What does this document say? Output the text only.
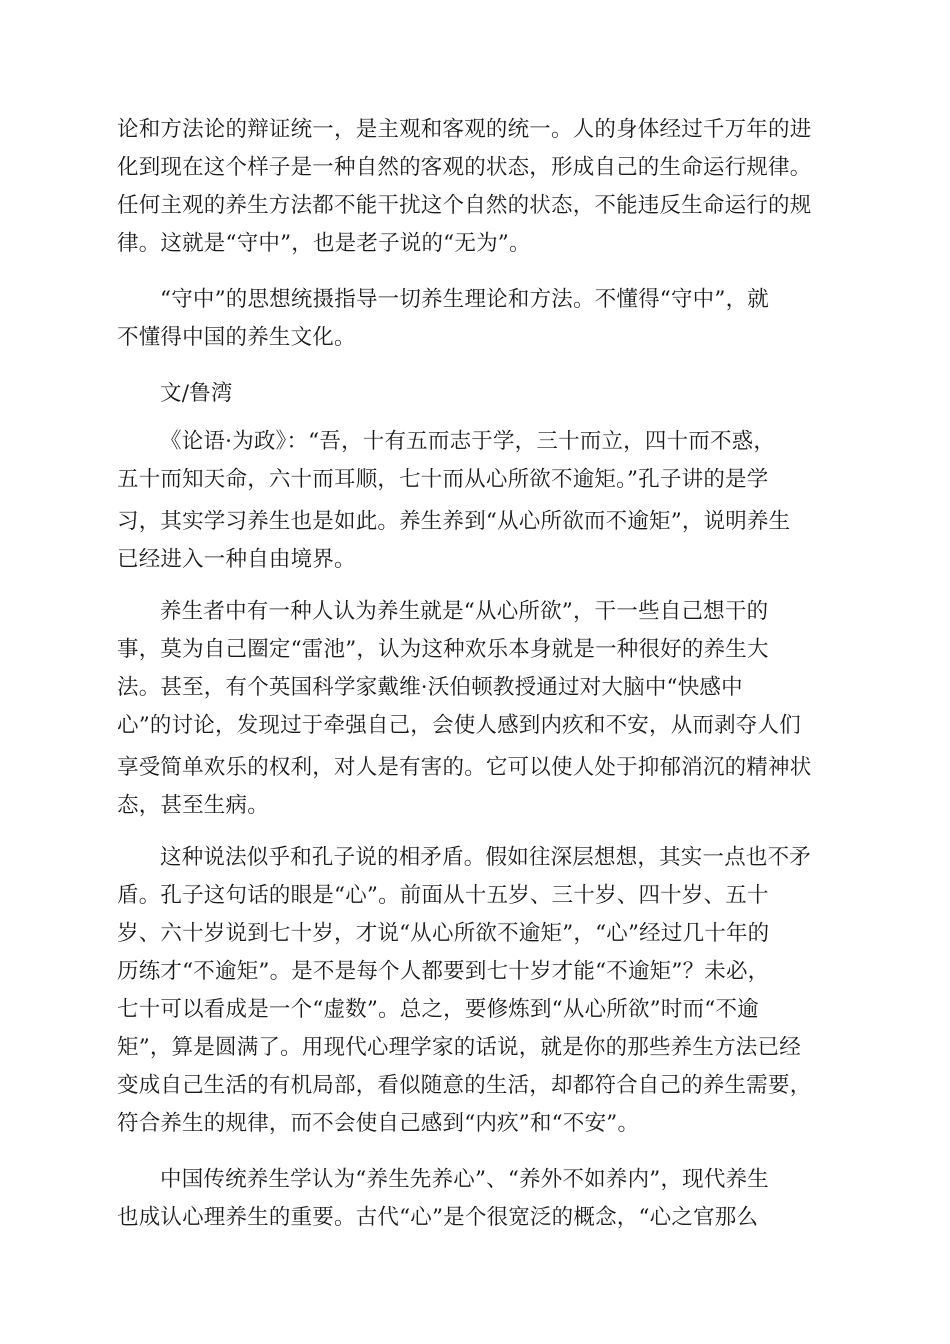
论和方法论的辩证统一，是主观和客观的统一。人的身体经过千万年的进
化到现在这个样子是一种自然的客观的状态，形成自己的生命运行规律。
任何主观的养生方法都不能干扰这个自然的状态，不能违反生命运行的规
律。这就是“守中”，也是老子说的“无为”。
“守中”的思想统摄指导一切养生理论和方法。不懂得“守中”，就
不懂得中国的养生文化。
文/鲁湾
《论语·为政》：“吾，十有五而志于学，三十而立，四十而不惑，
五十而知天命，六十而耳顺，七十而从心所欲不逾矩。”孔子讲的是学
习，其实学习养生也是如此。养生养到“从心所欲而不逾矩”，说明养生
已经进入一种自由境界。
养生者中有一种人认为养生就是“从心所欲”，干一些自己想干的
事，莫为自己圈定“雷池”，认为这种欢乐本身就是一种很好的养生大
法。甚至，有个英国科学家戴维·沃伯顿教授通过对大脑中“快感中
心”的讨论，发现过于牵强自己，会使人感到内疚和不安，从而剥夺人们
享受简单欢乐的权利，对人是有害的。它可以使人处于抑郁消沉的精神状
态，甚至生病。
这种说法似乎和孔子说的相矛盾。假如往深层想想，其实一点也不矛
盾。孔子这句话的眼是“心”。前面从十五岁、三十岁、四十岁、五十
岁、六十岁说到七十岁，才说“从心所欲不逾矩”，“心”经过几十年的
历练才“不逾矩”。是不是每个人都要到七十岁才能“不逾矩”？未必，
七十可以看成是一个“虚数”。总之，要修炼到“从心所欲”时而“不逾
矩”，算是圆满了。用现代心理学家的话说，就是你的那些养生方法已经
变成自己生活的有机局部，看似随意的生活，却都符合自己的养生需要，
符合养生的规律，而不会使自己感到“内疚”和“不安”。
中国传统养生学认为“养生先养心”、“养外不如养内”，现代养生
也成认心理养生的重要。古代“心”是个很宽泛的概念，“心之官那么
